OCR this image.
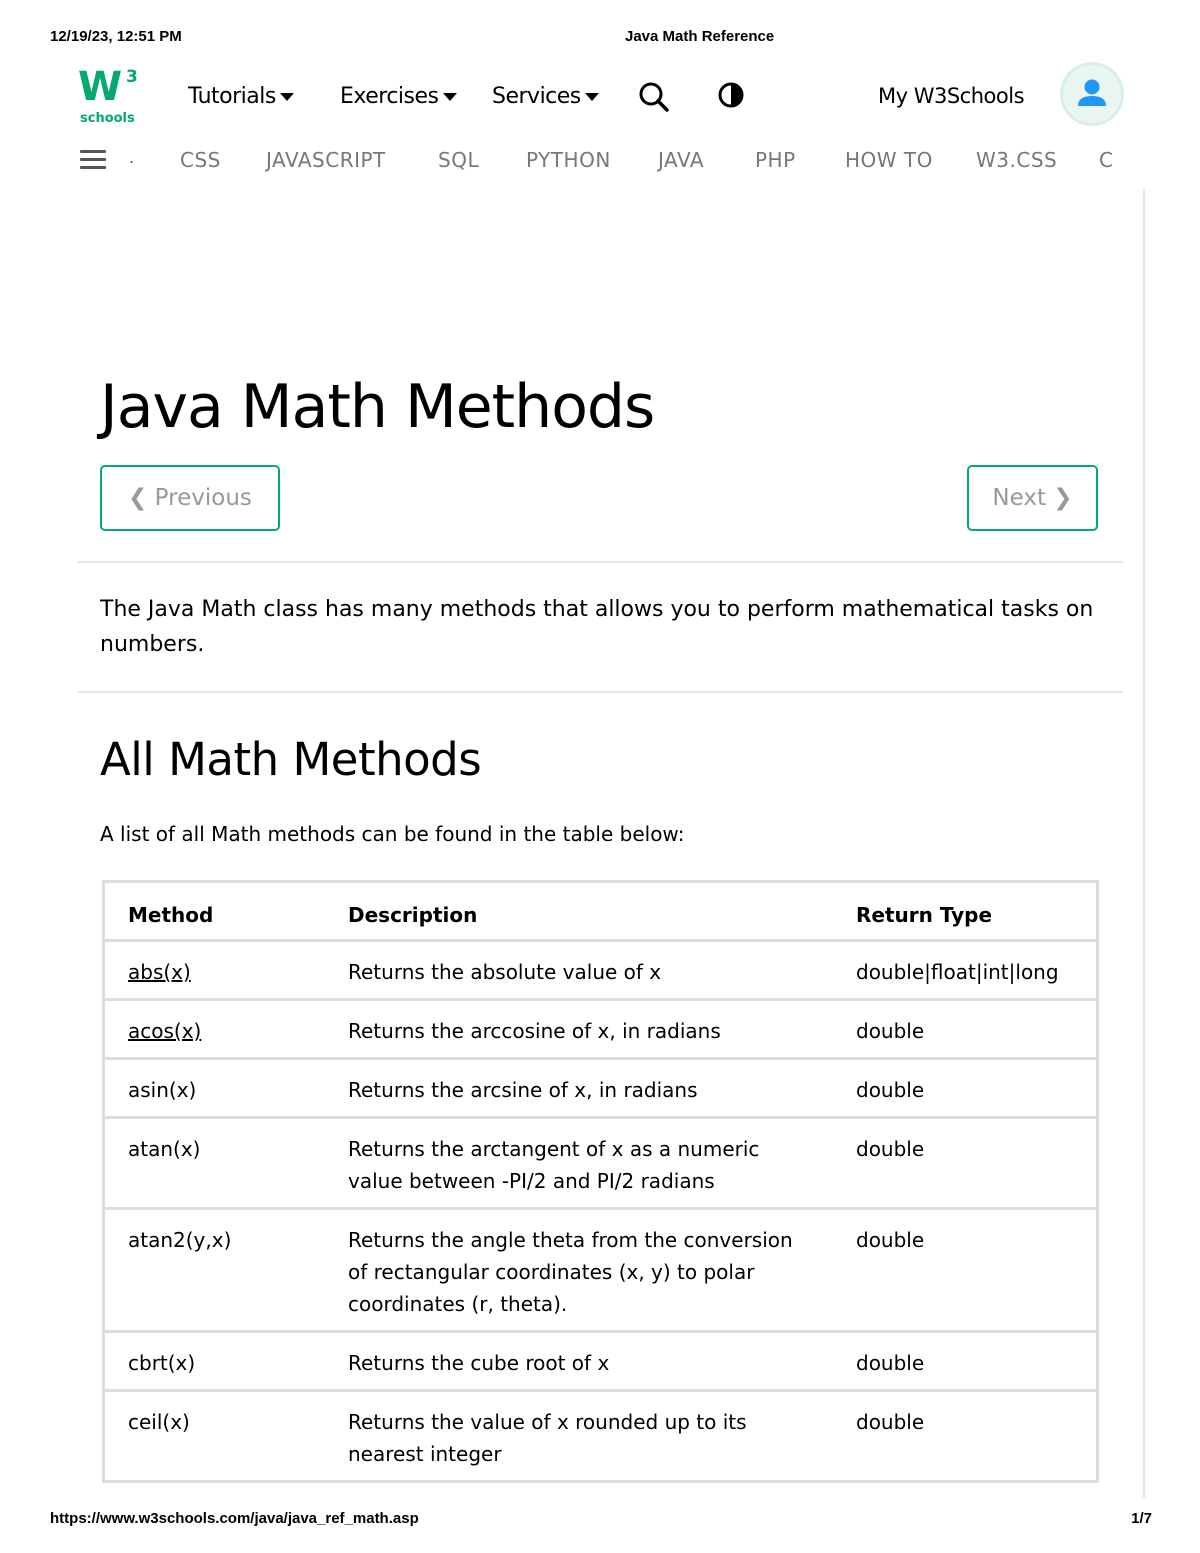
12/19/23, 12:51 PM	Java Math Reference
W 3
schools
Tutorials	Exercises	Services	My W3Schools
. CSS JAVASCRIPT	SQL PYTHON JAVA	PHP HOW TO W3.CSS C
Java Math Methods
❮ Previous	Next ❯

The Java Math class has many methods that allows you to perform mathematical tasks on numbers.

All Math Methods

A list of all Math methods can be found in the table below:

Method	Description	Return Type
abs(x)	Returns the absolute value of x	double|float|int|long
acos(x)	Returns the arccosine of x, in radians	double
asin(x)	Returns the arcsine of x, in radians	double
atan(x)	Returns the arctangent of x as a numeric value between -PI/2 and PI/2 radians	double
atan2(y,x)	Returns the angle theta from the conversion of rectangular coordinates (x, y) to polar coordinates (r, theta).	double
cbrt(x)	Returns the cube root of x	double
ceil(x)	Returns the value of x rounded up to its nearest integer	double
https://www.w3schools.com/java/java_ref_math.asp	1/7
